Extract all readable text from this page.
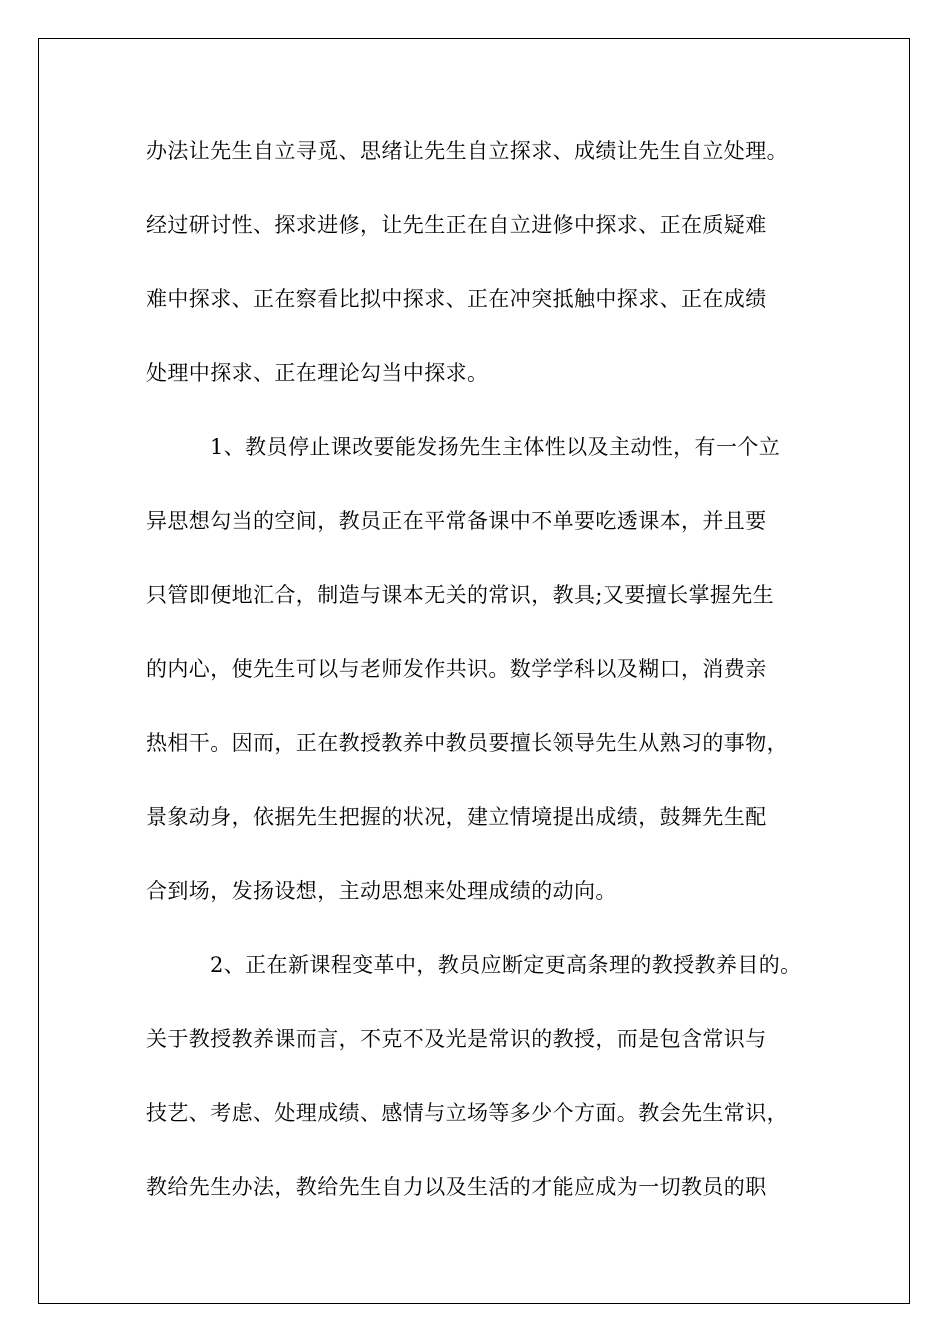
办法让先生自立寻觅、思绪让先生自立探求、成绩让先生自立处理。
经过研讨性、探求进修，让先生正在自立进修中探求、正在质疑难
难中探求、正在察看比拟中探求、正在冲突抵触中探求、正在成绩
处理中探求、正在理论勾当中探求。
1、教员停止课改要能发扬先生主体性以及主动性，有一个立
异思想勾当的空间，教员正在平常备课中不单要吃透课本，并且要
只管即便地汇合，制造与课本无关的常识，教具;又要擅长掌握先生
的内心，使先生可以与老师发作共识。数学学科以及糊口，消费亲
热相干。因而，正在教授教养中教员要擅长领导先生从熟习的事物，
景象动身，依据先生把握的状况，建立情境提出成绩，鼓舞先生配
合到场，发扬设想，主动思想来处理成绩的动向。
2、正在新课程变革中，教员应断定更高条理的教授教养目的。
关于教授教养课而言，不克不及光是常识的教授，而是包含常识与
技艺、考虑、处理成绩、感情与立场等多少个方面。教会先生常识，
教给先生办法，教给先生自力以及生活的才能应成为一切教员的职
